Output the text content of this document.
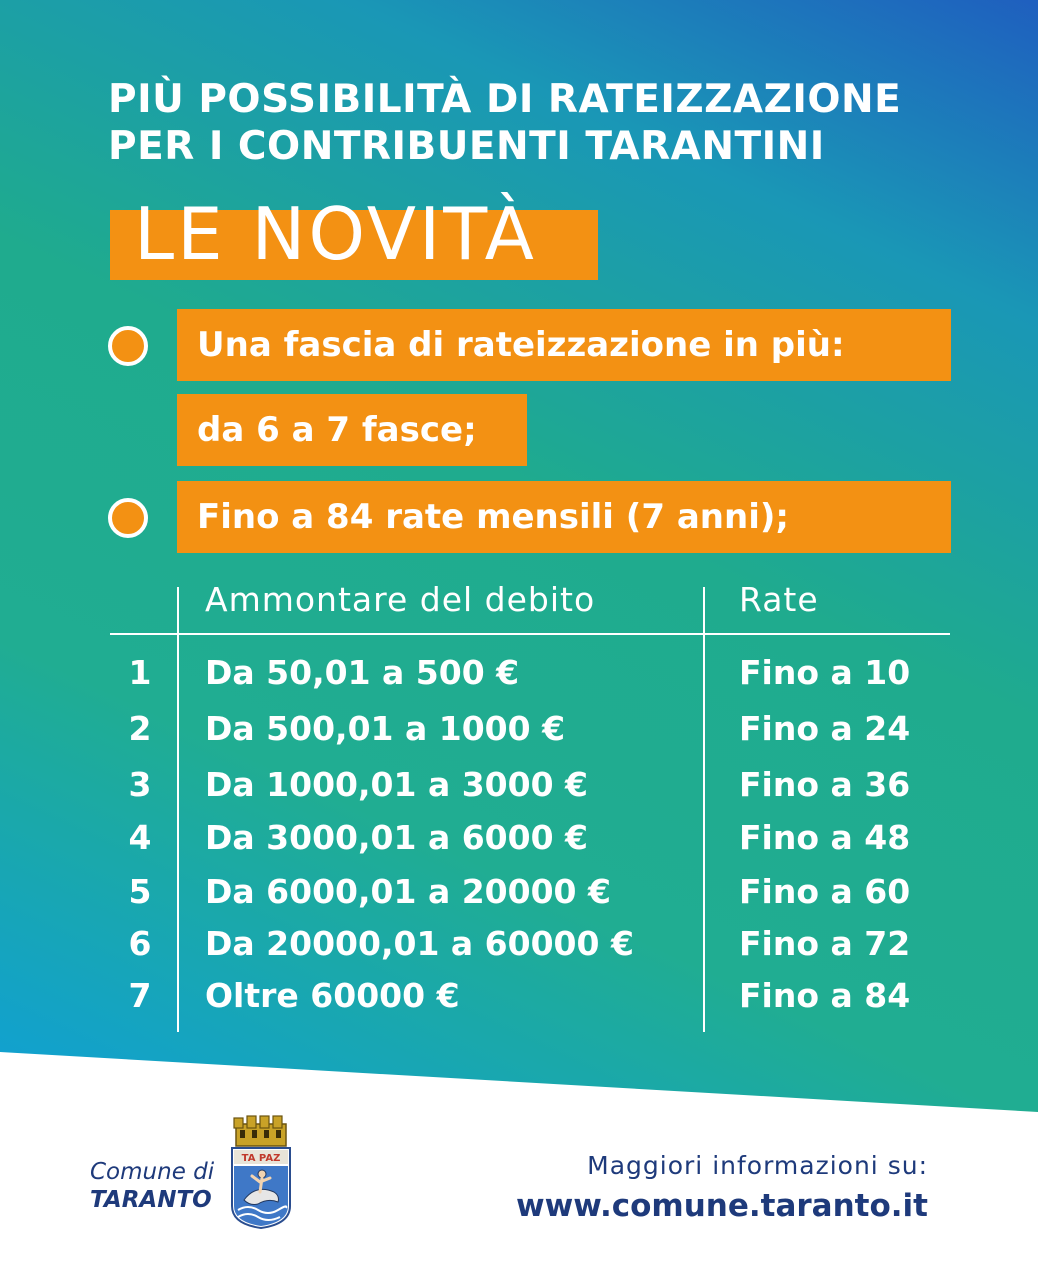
PIÙ POSSIBILITÀ DI RATEIZZAZIONE
PER I CONTRIBUENTI TARANTINI
LE NOVITÀ
Una fascia di rateizzazione in più:
da 6 a 7 fasce;
Fino a 84 rate mensili (7 anni);
Ammontare del debito	Rate
1 Da 50,01 a 500 €	Fino a 10
2 Da 500,01 a 1000 €	Fino a 24
3 Da 1000,01 a 3000 €	Fino a 36
4 Da 3000,01 a 6000 €	Fino a 48
5 Da 6000,01 a 20000 €	Fino a 60
6 Da 20000,01 a 60000 €	Fino a 72
7 Oltre 60000 €	Fino a 84
Comune di
TARANTO
TA PAZ	Maggiori informazioni su:
www.comune.taranto.it
